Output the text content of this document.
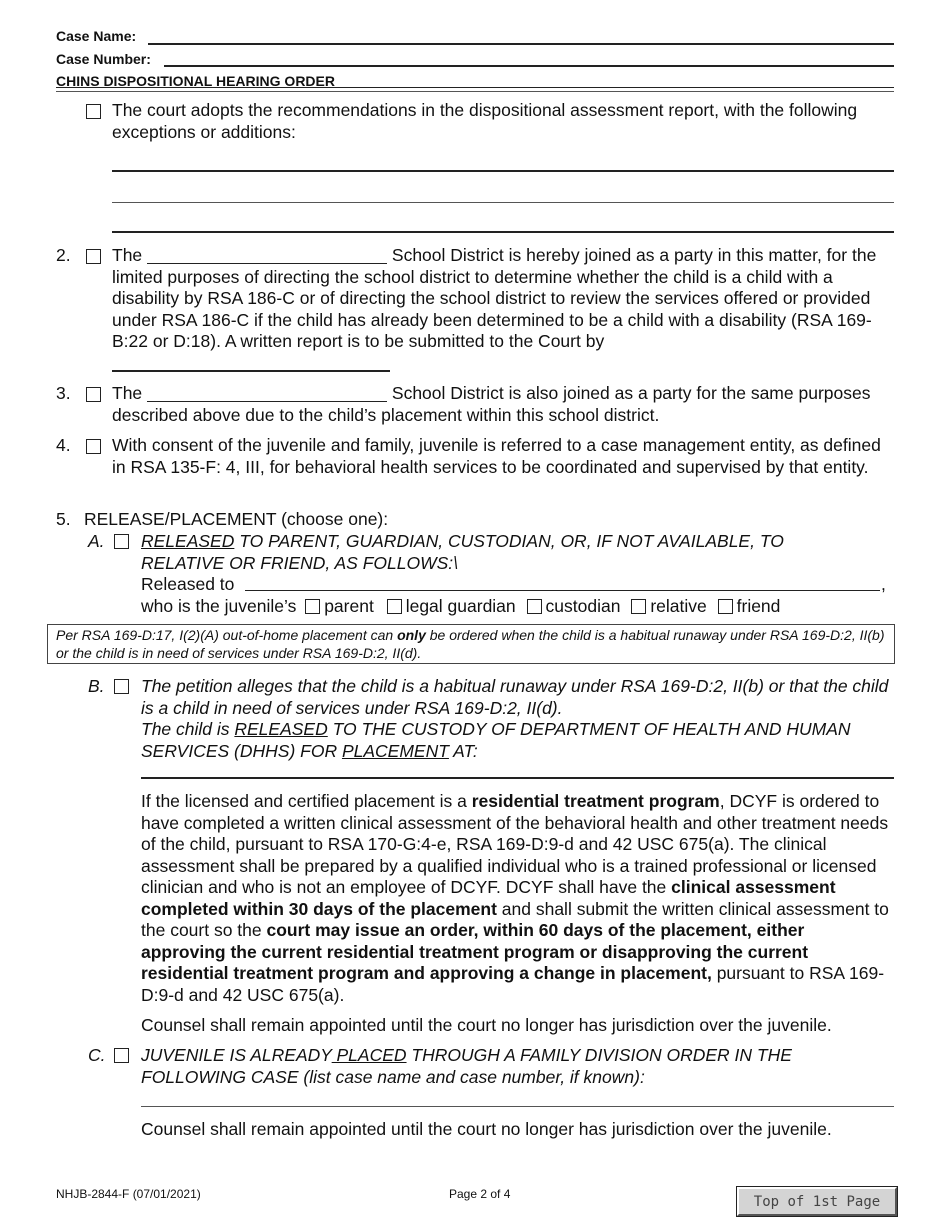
Case Name:
Case Number:
CHINS DISPOSITIONAL HEARING ORDER
The court adopts the recommendations in the dispositional assessment report, with the following exceptions or additions:
2. The	School District is hereby joined as a party in this matter, for the limited purposes of directing the school district to determine whether the child is a child with a disability by RSA 186-C or of directing the school district to review the services offered or provided under RSA 186-C if the child has already been determined to be a child with a disability (RSA 169-B:22 or D:18). A written report is to be submitted to the Court by
3. The	School District is also joined as a party for the same purposes described above due to the child’s placement within this school district.
4. With consent of the juvenile and family, juvenile is referred to a case management entity, as defined in RSA 135-F: 4, III, for behavioral health services to be coordinated and supervised by that entity.
5. RELEASE/PLACEMENT (choose one):
A. RELEASED TO PARENT, GUARDIAN, CUSTODIAN, OR, IF NOT AVAILABLE, TO RELATIVE OR FRIEND, AS FOLLOWS:\
Released to	,
who is the juvenile’s parent legal guardian custodian relative friend
Per RSA 169-D:17, I(2)(A) out-of-home placement can only be ordered when the child is a habitual runaway under RSA 169-D:2, II(b) or the child is in need of services under RSA 169-D:2, II(d).
B. The petition alleges that the child is a habitual runaway under RSA 169-D:2, II(b) or that the child is a child in need of services under RSA 169-D:2, II(d).
The child is RELEASED TO THE CUSTODY OF DEPARTMENT OF HEALTH AND HUMAN SERVICES (DHHS) FOR PLACEMENT AT:
If the licensed and certified placement is a residential treatment program, DCYF is ordered to have completed a written clinical assessment of the behavioral health and other treatment needs of the child, pursuant to RSA 170-G:4-e, RSA 169-D:9-d and 42 USC 675(a). The clinical assessment shall be prepared by a qualified individual who is a trained professional or licensed clinician and who is not an employee of DCYF. DCYF shall have the clinical assessment completed within 30 days of the placement and shall submit the written clinical assessment to the court so the court may issue an order, within 60 days of the placement, either approving the current residential treatment program or disapproving the current residential treatment program and approving a change in placement, pursuant to RSA 169-D:9-d and 42 USC 675(a).
Counsel shall remain appointed until the court no longer has jurisdiction over the juvenile.
C. JUVENILE IS ALREADY PLACED THROUGH A FAMILY DIVISION ORDER IN THE FOLLOWING CASE (list case name and case number, if known):
Counsel shall remain appointed until the court no longer has jurisdiction over the juvenile.
NHJB-2844-F (07/01/2021)	Page 2 of 4	Top of 1st Page
